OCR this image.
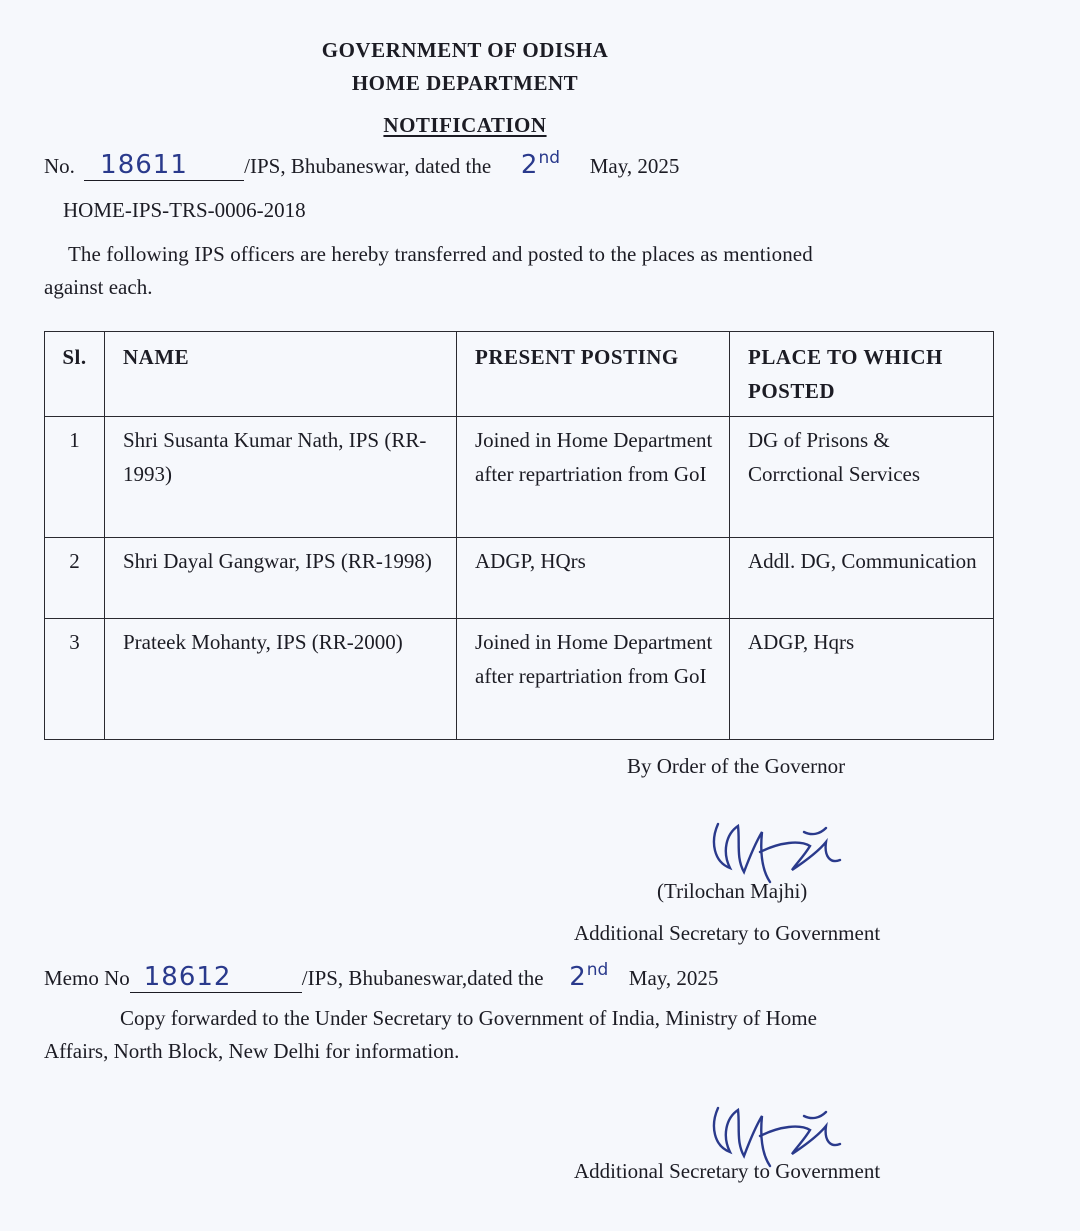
GOVERNMENT OF ODISHA
HOME DEPARTMENT
NOTIFICATION
No. 18611	/IPS, Bhubaneswar, dated the 2nd May, 2025
HOME-IPS-TRS-0006-2018
The following IPS officers are hereby transferred and posted to the places as mentioned
against each.
Sl.	NAME	PRESENT POSTING	PLACE TO WHICH POSTED
1	Shri Susanta Kumar Nath, IPS (RR-1993)	Joined in Home Department after repartriation from GoI	DG of Prisons & Corrctional Services
2	Shri Dayal Gangwar, IPS (RR-1998)	ADGP, HQrs	Addl. DG, Communication
3	Prateek Mohanty, IPS (RR-2000)	Joined in Home Department after repartriation from GoI	ADGP, Hqrs
By Order of the Governor
(Trilochan Majhi)
Additional Secretary to Government
Memo No 18612	/IPS, Bhubaneswar,dated the 2nd May, 2025
Copy forwarded to the Under Secretary to Government of India, Ministry of Home
Affairs, North Block, New Delhi for information.
Additional Secretary to Government
